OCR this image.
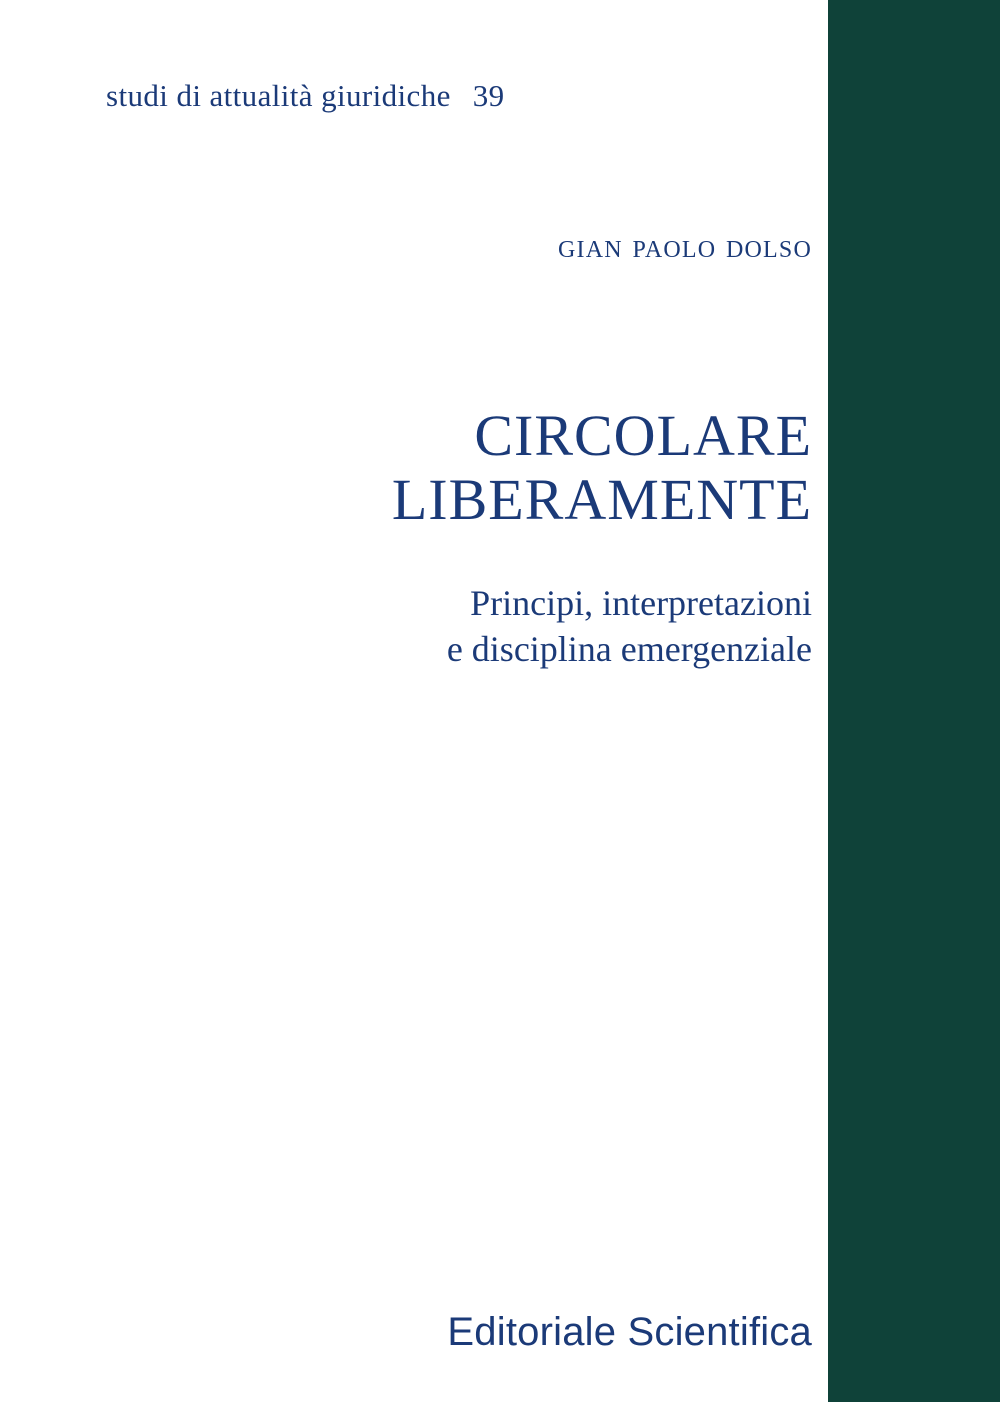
studi di attualità giuridiche 39
gian paolo dolso
CIRCOLARE
LIBERAMENTE
Principi, interpretazioni
e disciplina emergenziale
Editoriale Scientifica
